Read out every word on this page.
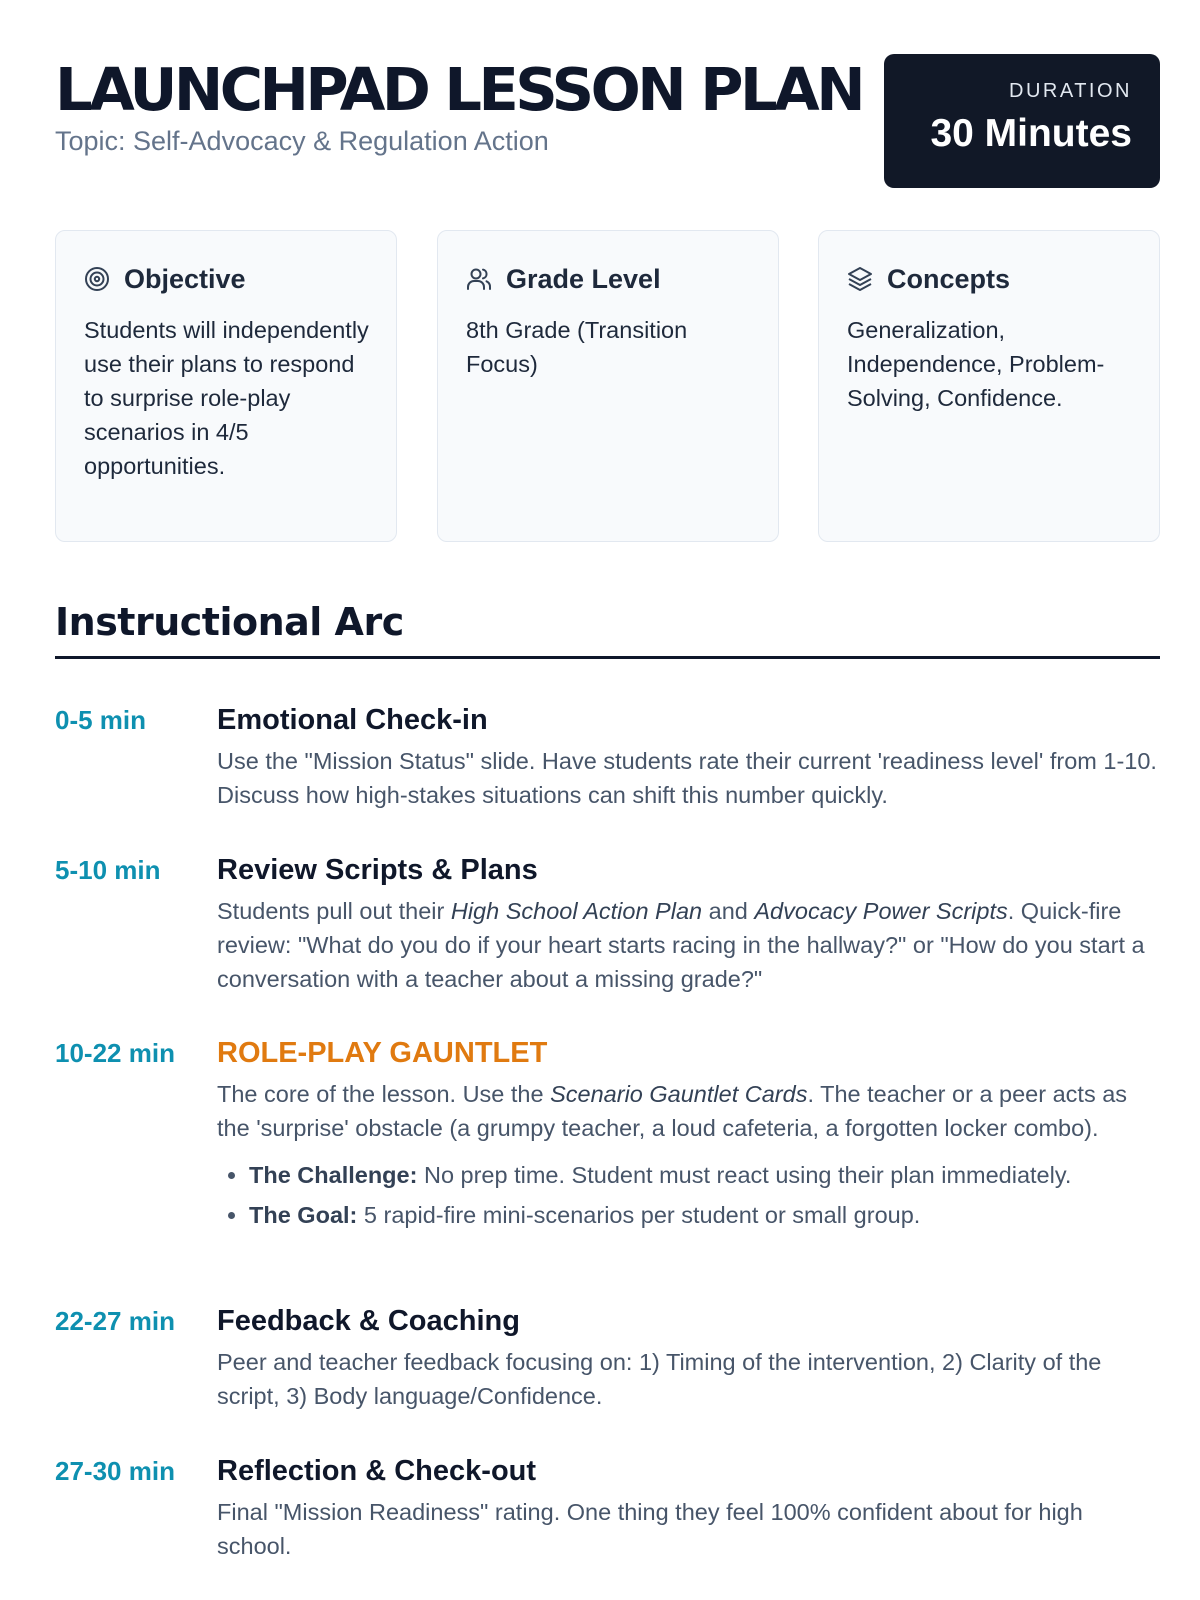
LAUNCHPAD LESSON PLAN
Topic: Self-Advocacy & Regulation Action
DURATION
30 Minutes
Objective
Students will independently use their plans to respond to surprise role-play scenarios in 4/5 opportunities.
Grade Level
8th Grade (Transition Focus)
Concepts
Generalization, Independence, Problem-Solving, Confidence.
Instructional Arc
0-5 min	Emotional Check-in
Use the "Mission Status" slide. Have students rate their current 'readiness level' from 1-10. Discuss how high-stakes situations can shift this number quickly.
5-10 min	Review Scripts & Plans
Students pull out their High School Action Plan and Advocacy Power Scripts. Quick-fire review: "What do you do if your heart starts racing in the hallway?" or "How do you start a conversation with a teacher about a missing grade?"
10-22 min	ROLE-PLAY GAUNTLET
The core of the lesson. Use the Scenario Gauntlet Cards. The teacher or a peer acts as the 'surprise' obstacle (a grumpy teacher, a loud cafeteria, a forgotten locker combo).
• The Challenge: No prep time. Student must react using their plan immediately.
• The Goal: 5 rapid-fire mini-scenarios per student or small group.
22-27 min	Feedback & Coaching
Peer and teacher feedback focusing on: 1) Timing of the intervention, 2) Clarity of the script, 3) Body language/Confidence.
27-30 min	Reflection & Check-out
Final "Mission Readiness" rating. One thing they feel 100% confident about for high school.
